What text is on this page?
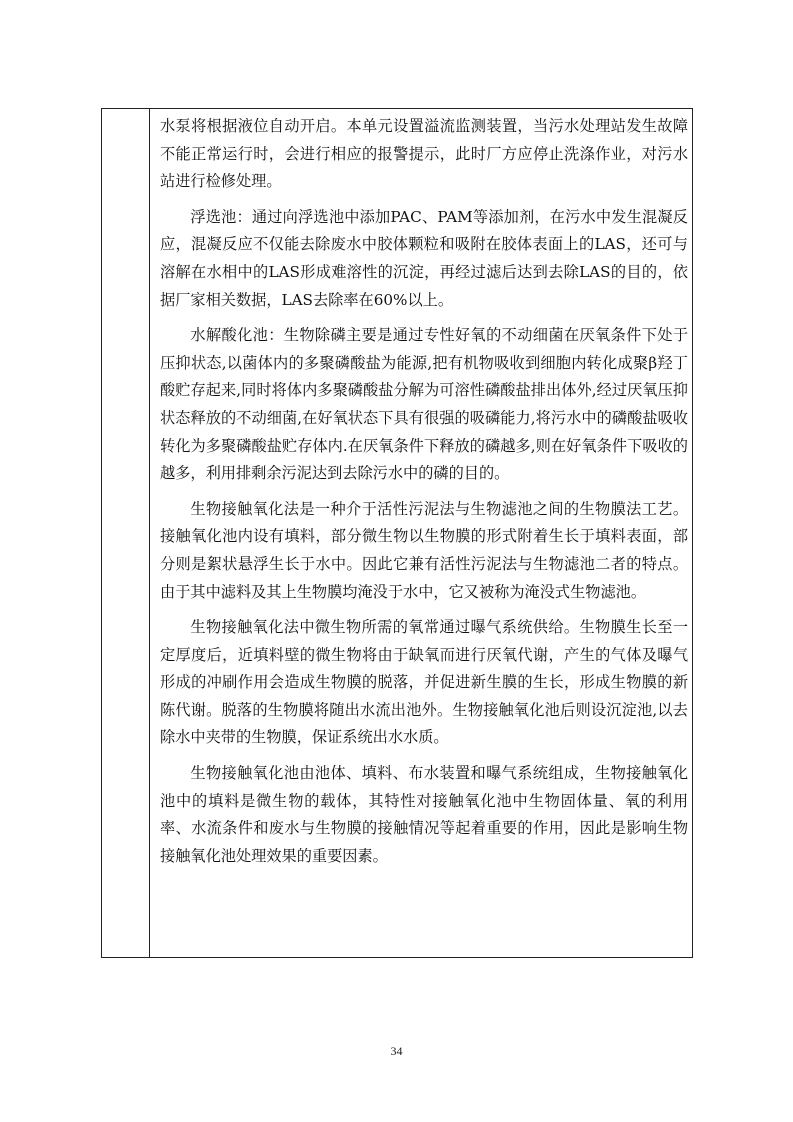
水泵将根据液位自动开启。本单元设置溢流监测装置，当污水处理站发生故障不能正常运行时，会进行相应的报警提示，此时厂方应停止洗涤作业，对污水站进行检修处理。

浮选池：通过向浮选池中添加PAC、PAM等添加剂，在污水中发生混凝反应，混凝反应不仅能去除废水中胶体颗粒和吸附在胶体表面上的LAS，还可与溶解在水相中的LAS形成难溶性的沉淀，再经过滤后达到去除LAS的目的，依据厂家相关数据，LAS去除率在60%以上。

水解酸化池：生物除磷主要是通过专性好氧的不动细菌在厌氧条件下处于压抑状态,以菌体内的多聚磷酸盐为能源,把有机物吸收到细胞内转化成聚β羟丁酸贮存起来,同时将体内多聚磷酸盐分解为可溶性磷酸盐排出体外,经过厌氧压抑状态释放的不动细菌,在好氧状态下具有很强的吸磷能力,将污水中的磷酸盐吸收转化为多聚磷酸盐贮存体内.在厌氧条件下释放的磷越多,则在好氧条件下吸收的越多，利用排剩余污泥达到去除污水中的磷的目的。

生物接触氧化法是一种介于活性污泥法与生物滤池之间的生物膜法工艺。接触氧化池内设有填料，部分微生物以生物膜的形式附着生长于填料表面，部分则是絮状悬浮生长于水中。因此它兼有活性污泥法与生物滤池二者的特点。由于其中滤料及其上生物膜均淹没于水中，它又被称为淹没式生物滤池。

生物接触氧化法中微生物所需的氧常通过曝气系统供给。生物膜生长至一定厚度后，近填料壁的微生物将由于缺氧而进行厌氧代谢，产生的气体及曝气形成的冲刷作用会造成生物膜的脱落，并促进新生膜的生长，形成生物膜的新陈代谢。脱落的生物膜将随出水流出池外。生物接触氧化池后则设沉淀池,以去除水中夹带的生物膜，保证系统出水水质。

生物接触氧化池由池体、填料、布水装置和曝气系统组成，生物接触氧化池中的填料是微生物的载体，其特性对接触氧化池中生物固体量、氧的利用率、水流条件和废水与生物膜的接触情况等起着重要的作用，因此是影响生物接触氧化池处理效果的重要因素。

34
